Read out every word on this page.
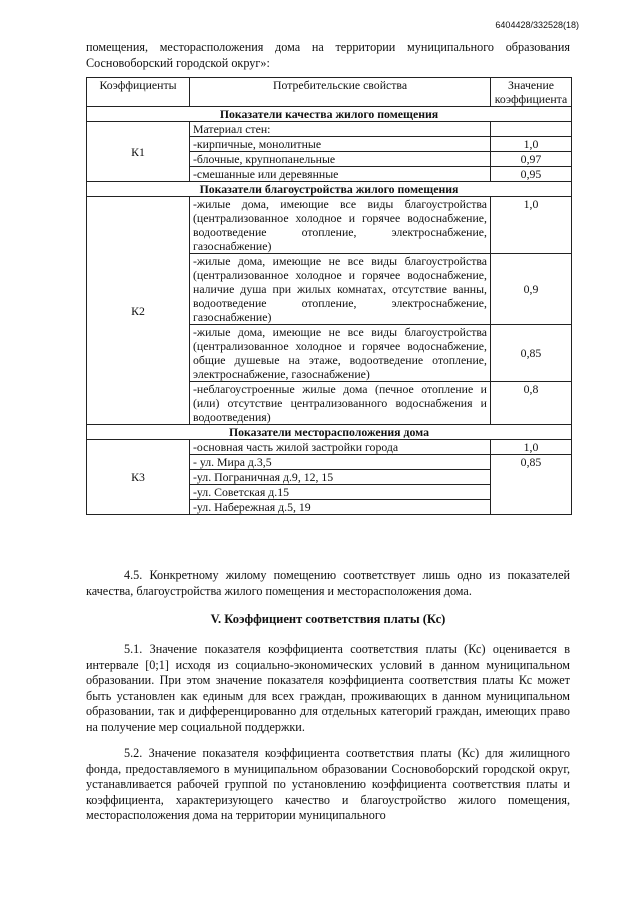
6404428/332528(18)
помещения, месторасположения дома на территории муниципального образования Сосновоборский городской округ»:
Коэффициенты	Потребительские свойства	Значение коэффициента
Показатели качества жилого помещения		
К1	Материал стен:	
	-кирпичные, монолитные	1,0
	-блочные, крупнопанельные	0,97
	-смешанные или деревянные	0,95
Показатели благоустройства жилого помещения		
К2	-жилые дома, имеющие все виды благоустройства (централизованное холодное и горячее водоснабжение, водоотведение отопление, электроснабжение, газоснабжение)	1,0
	-жилые дома, имеющие не все виды благоустройства (централизованное холодное и горячее водоснабжение, наличие душа при жилых комнатах, отсутствие ванны, водоотведение отопление, электроснабжение, газоснабжение)	0,9
	-жилые дома, имеющие не все виды благоустройства (централизованное холодное и горячее водоснабжение, общие душевые на этаже, водоотведение отопление, электроснабжение, газоснабжение)	0,85
	-неблагоустроенные жилые дома (печное отопление и (или) отсутствие централизованного водоснабжения и водоотведения)	0,8
Показатели месторасположения дома		
К3	-основная часть жилой застройки города	1,0
	- ул. Мира д.3,5	0,85
	-ул. Пограничная д.9, 12, 15	
	-ул. Советская д.15	
	-ул. Набережная д.5, 19	
4.5. Конкретному жилому помещению соответствует лишь одно из показателей качества, благоустройства жилого помещения и месторасположения дома.
V. Коэффициент соответствия платы (Кс)
5.1. Значение показателя коэффициента соответствия платы (Кс) оценивается в интервале [0;1] исходя из социально-экономических условий в данном муниципальном образовании. При этом значение показателя коэффициента соответствия платы Кс может быть установлен как единым для всех граждан, проживающих в данном муниципальном образовании, так и дифференцированно для отдельных категорий граждан, имеющих право на получение мер социальной поддержки.
5.2. Значение показателя коэффициента соответствия платы (Кс) для жилищного фонда, предоставляемого в муниципальном образовании Сосновоборский городской округ, устанавливается рабочей группой по установлению коэффициента соответствия платы и коэффициента, характеризующего качество и благоустройство жилого помещения, месторасположения дома на территории муниципального
